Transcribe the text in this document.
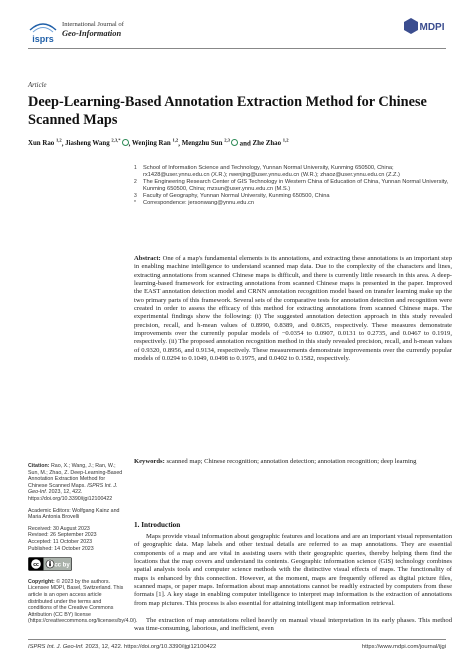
isprs
International Journal of
Geo-Information
MDPI
Article
Deep-Learning-Based Annotation Extraction Method for Chinese Scanned Maps
Xun Rao $^{1,2}$, Jiasheng Wang $^{2,3,*}$ , Wenjing Ran $^{1,2}$, Mengzhu Sun $^{2,3}$ and Zhe Zhao $^{1,2}$
1 School of Information Science and Technology, Yunnan Normal University, Kunming 650500, China; rx1428@user.ynnu.edu.cn (X.R.); rwenjing@user.ynnu.edu.cn (W.R.); zhaoz@user.ynnu.edu.cn (Z.Z.)
2 The Engineering Research Center of GIS Technology in Western China of Education of China, Yunnan Normal University, Kunming 650500, China; mzsun@user.ynnu.edu.cn (M.S.)
3 Faculty of Geography, Yunnan Normal University, Kunming 650500, China
* Correspondence: jersonwang@ynnu.edu.cn
Abstract: One of a map's fundamental elements is its annotations, and extracting these annotations is an important step in enabling machine intelligence to understand scanned map data. Due to the complexity of the characters and lines, extracting annotations from scanned Chinese maps is difficult, and there is currently little research in this area. A deep-learning-based framework for extracting annotations from scanned Chinese maps is presented in the paper. Improved the EAST annotation detection model and CRNN annotation recognition model based on transfer learning make up the two primary parts of this framework. Several sets of the comparative tests for annotation detection and recognition were created in order to assess the efficacy of this method for extracting annotations from scanned Chinese maps. The experimental findings show the following: (i) The suggested annotation detection approach in this study revealed precision, recall, and h-mean values of 0.8990, 0.8389, and 0.8635, respectively. These measures demonstrate improvements over the currently popular models of −0.0354 to 0.0907, 0.0131 to 0.2735, and 0.0467 to 0.1919, respectively. (ii) The proposed annotation recognition method in this study revealed precision, recall, and h-mean values of 0.9320, 0.8956, and 0.9134, respectively. These measurements demonstrate improvements over the currently popular models of 0.0294 to 0.1049, 0.0498 to 0.1975, and 0.0402 to 0.1582, respectively.
Keywords: scanned map; Chinese recognition; annotation detection; annotation recognition; deep learning
Citation: Rao, X.; Wang, J.; Ran, W.; Sun, M.; Zhao, Z. Deep-Learning-Based Annotation Extraction Method for Chinese Scanned Maps. ISPRS Int. J. Geo-Inf. 2023, 12, 422. https://doi.org/10.3390/ijgi12100422
Academic Editors: Wolfgang Kainz and Maria Antonia Brovelli
Received: 30 August 2023
Revised: 26 September 2023
Accepted: 11 October 2023
Published: 14 October 2023
cc	cc by
Copyright: © 2023 by the authors. Licensee MDPI, Basel, Switzerland. This article is an open access article distributed under the terms and conditions of the Creative Commons Attribution (CC BY) license (https://creativecommons.org/licenses/by/4.0/).
1. Introduction
Maps provide visual information about geographic features and locations and are an important visual representation of geographic data. Map labels and other textual details are referred to as map annotations. They are essential components of a map and are vital in assisting users with their geographic queries, thereby helping them find the locations that the map covers and understand its contents. Geographic information science (GIS) technology combines spatial analysis tools and computer science methods with the distinctive visual effects of maps. The functionality of maps is enhanced by this connection. However, at the moment, maps are frequently offered as digital picture files, scanned maps, or paper maps. Information about map annotations cannot be readily extracted by computers from these formats [1]. A key stage in enabling computer intelligence to interpret map information is the extraction of annotations from map pictures. This process is also essential for attaining intelligent map information retrieval.
The extraction of map annotations relied heavily on manual visual interpretation in its early phases. This method was time-consuming, laborious, and inefficient, even
ISPRS Int. J. Geo-Inf. 2023, 12, 422. https://doi.org/10.3390/ijgi12100422	https://www.mdpi.com/journal/ijgi
